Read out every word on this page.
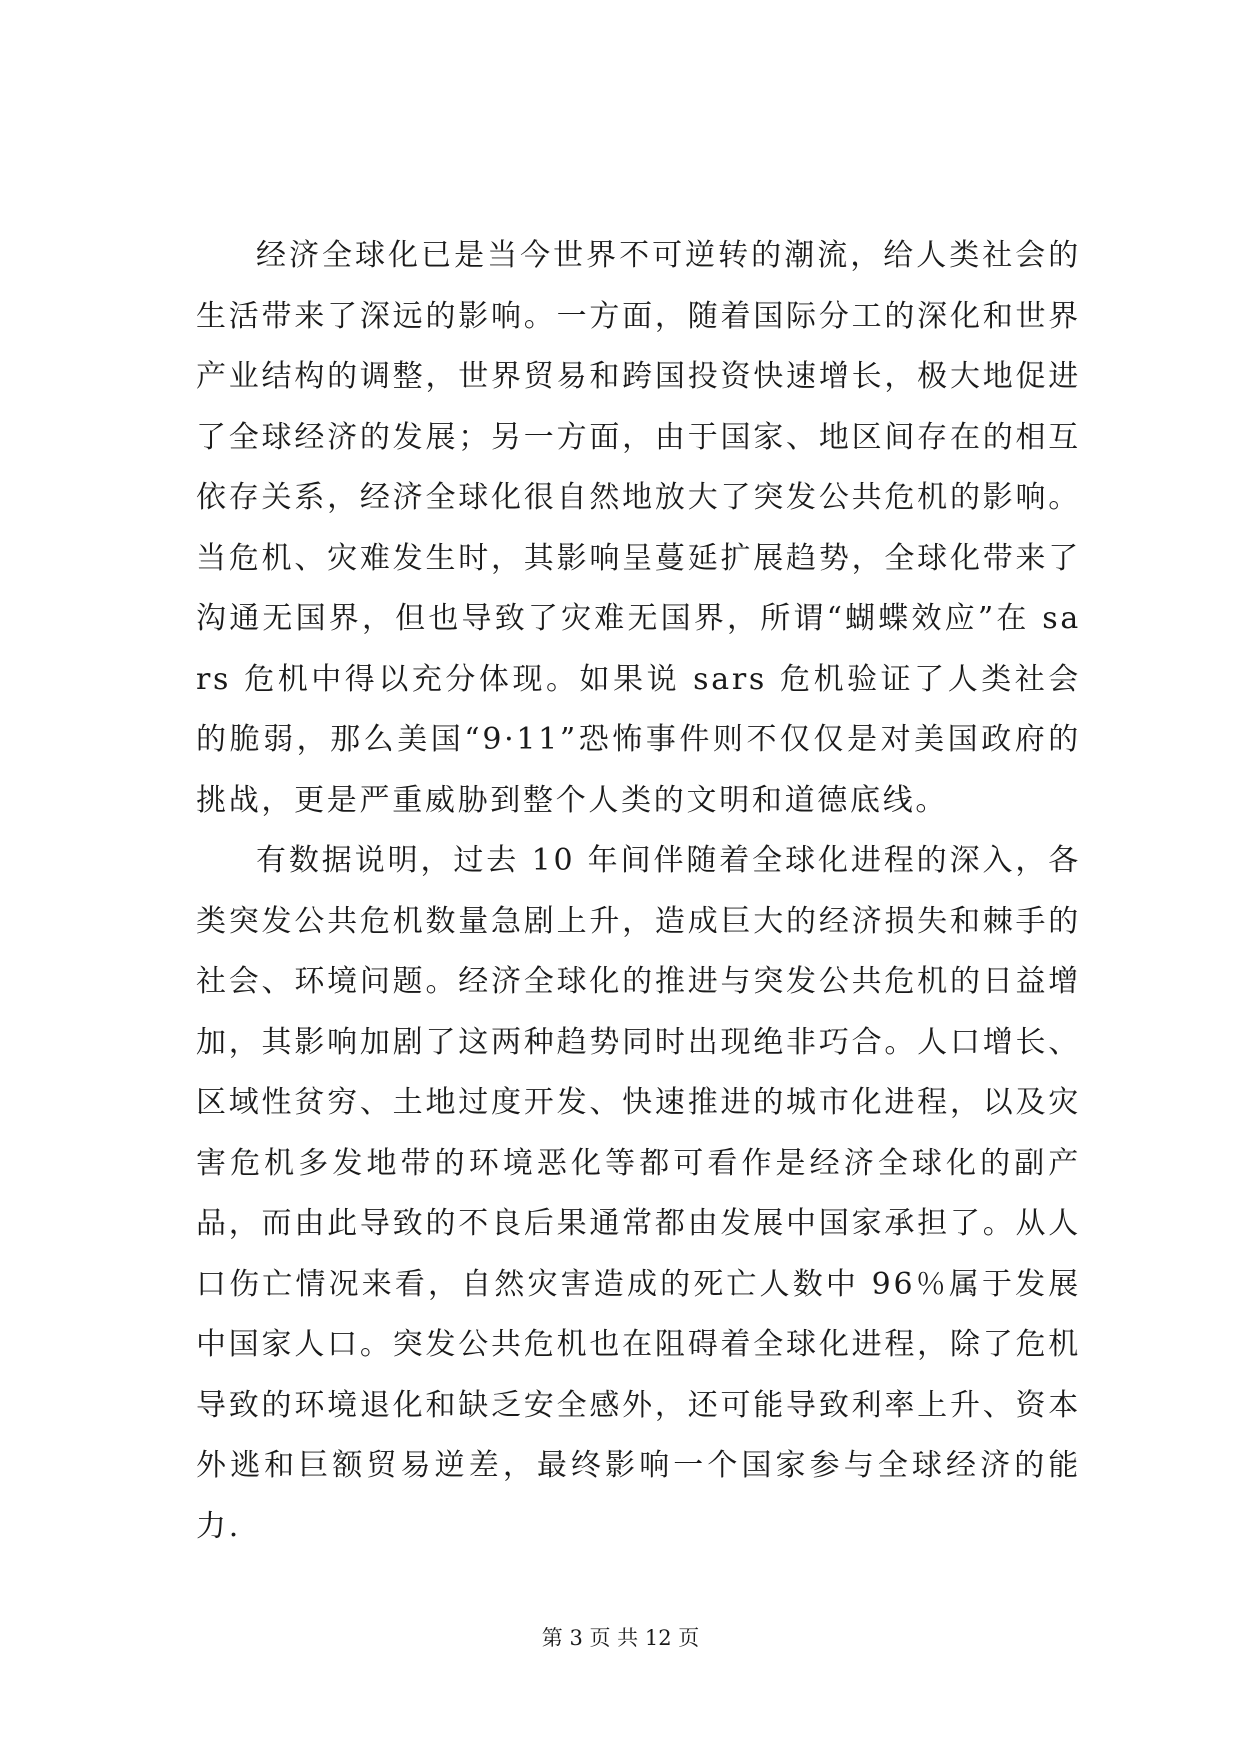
经济全球化已是当今世界不可逆转的潮流，给人类社会的生活带来了深远的影响。一方面，随着国际分工的深化和世界产业结构的调整，世界贸易和跨国投资快速增长，极大地促进了全球经济的发展；另一方面，由于国家、地区间存在的相互依存关系，经济全球化很自然地放大了突发公共危机的影响。当危机、灾难发生时，其影响呈蔓延扩展趋势，全球化带来了沟通无国界，但也导致了灾难无国界，所谓“蝴蝶效应”在 sars 危机中得以充分体现。如果说 sars 危机验证了人类社会的脆弱，那么美国“9·11”恐怖事件则不仅仅是对美国政府的挑战，更是严重威胁到整个人类的文明和道德底线。

有数据说明，过去 10 年间伴随着全球化进程的深入，各类突发公共危机数量急剧上升，造成巨大的经济损失和棘手的社会、环境问题。经济全球化的推进与突发公共危机的日益增加，其影响加剧了这两种趋势同时出现绝非巧合。人口增长、区域性贫穷、土地过度开发、快速推进的城市化进程，以及灾害危机多发地带的环境恶化等都可看作是经济全球化的副产品，而由此导致的不良后果通常都由发展中国家承担了。从人口伤亡情况来看，自然灾害造成的死亡人数中 96％属于发展中国家人口。突发公共危机也在阻碍着全球化进程，除了危机导致的环境退化和缺乏安全感外，还可能导致利率上升、资本外逃和巨额贸易逆差，最终影响一个国家参与全球经济的能力.

第 3 页 共 12 页
